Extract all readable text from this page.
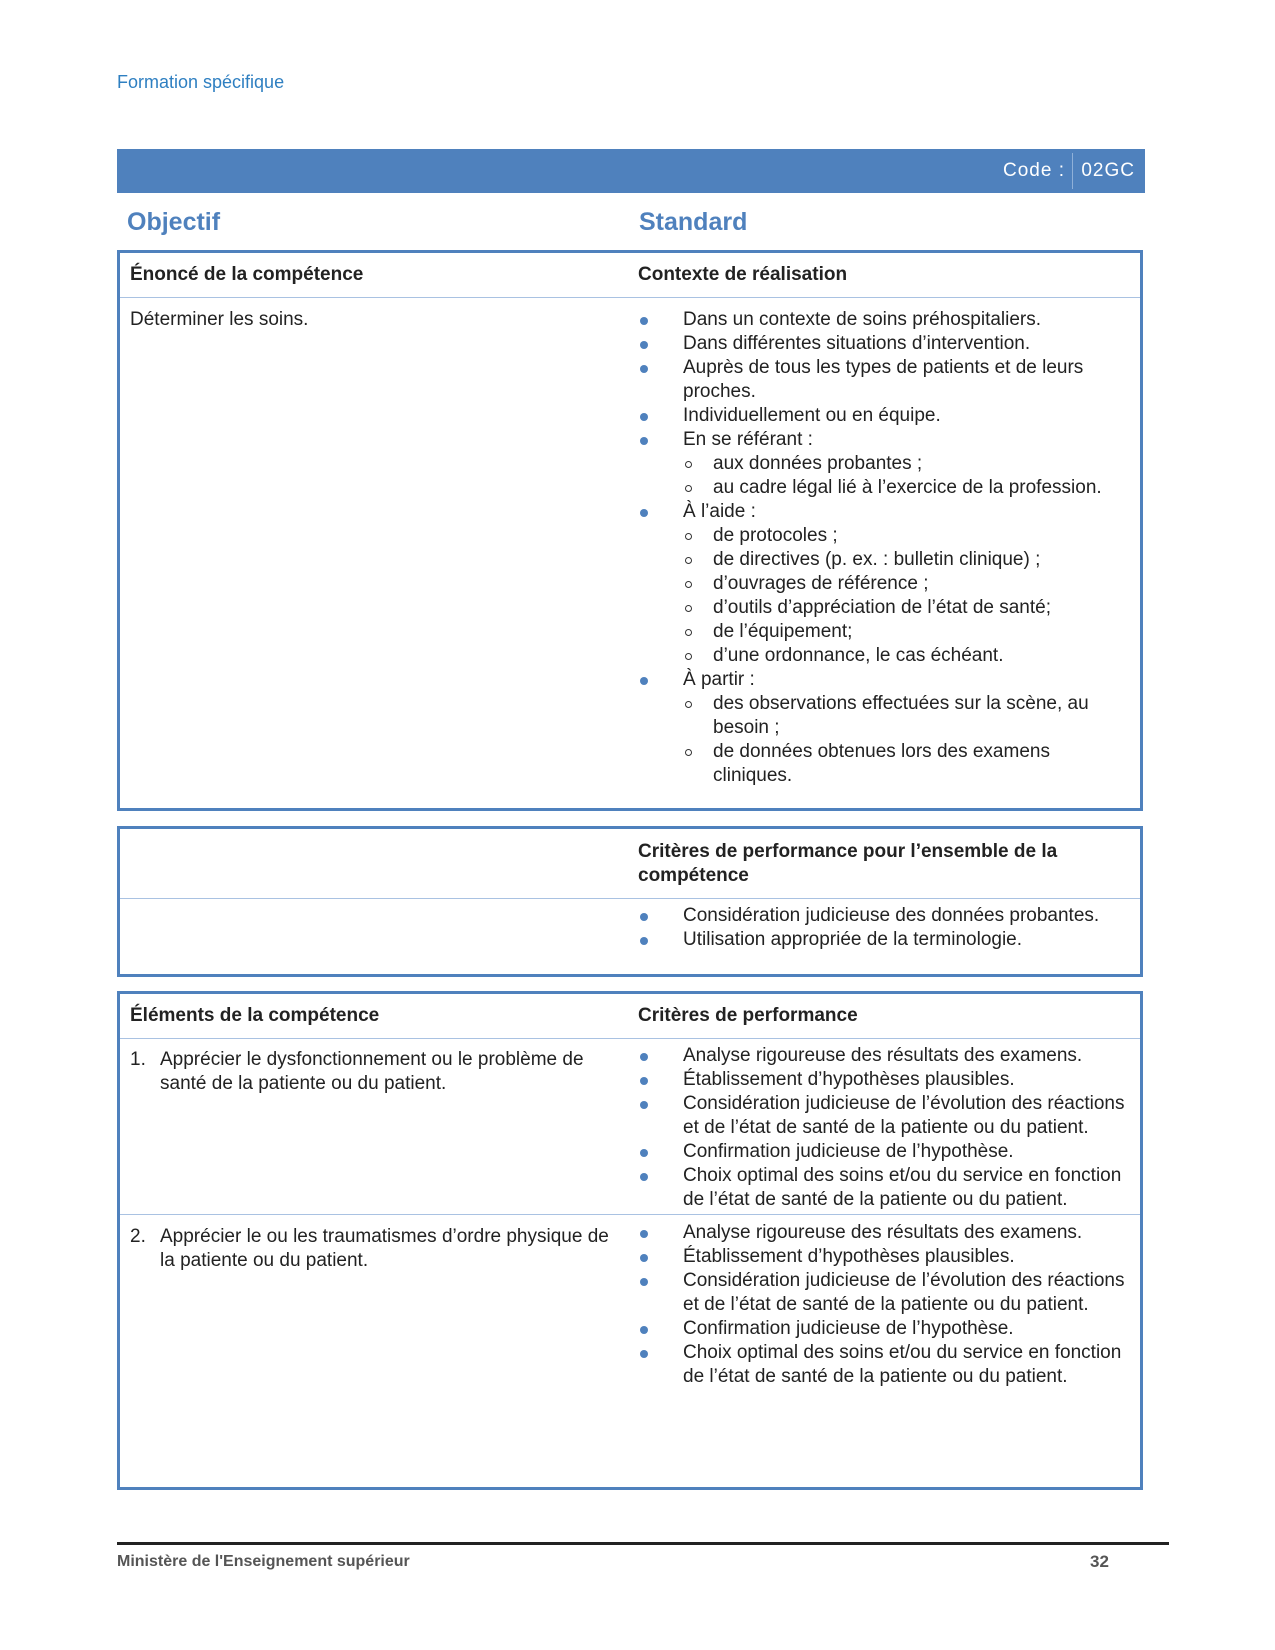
Formation spécifique
Code : 02GC
Objectif	Standard
Énoncé de la compétence	Contexte de réalisation
Déterminer les soins.	Dans un contexte de soins préhospitaliers.
Dans différentes situations d’intervention.
Auprès de tous les types de patients et de leurs proches.
Individuellement ou en équipe.
En se référant :
aux données probantes ;
au cadre légal lié à l’exercice de la profession.
À l’aide :
de protocoles ;
de directives (p. ex. : bulletin clinique) ;
d’ouvrages de référence ;
d’outils d’appréciation de l’état de santé;
de l’équipement;
d’une ordonnance, le cas échéant.
À partir :
des observations effectuées sur la scène, au besoin ;
de données obtenues lors des examens cliniques.
Critères de performance pour l’ensemble de la compétence
Considération judicieuse des données probantes.
Utilisation appropriée de la terminologie.
Éléments de la compétence	Critères de performance
1. Apprécier le dysfonctionnement ou le problème de santé de la patiente ou du patient.
Analyse rigoureuse des résultats des examens.
Établissement d’hypothèses plausibles.
Considération judicieuse de l’évolution des réactions et de l’état de santé de la patiente ou du patient.
Confirmation judicieuse de l’hypothèse.
Choix optimal des soins et/ou du service en fonction de l’état de santé de la patiente ou du patient.
2. Apprécier le ou les traumatismes d’ordre physique de la patiente ou du patient.
Analyse rigoureuse des résultats des examens.
Établissement d’hypothèses plausibles.
Considération judicieuse de l’évolution des réactions et de l’état de santé de la patiente ou du patient.
Confirmation judicieuse de l’hypothèse.
Choix optimal des soins et/ou du service en fonction de l’état de santé de la patiente ou du patient.
Ministère de l'Enseignement supérieur	32
